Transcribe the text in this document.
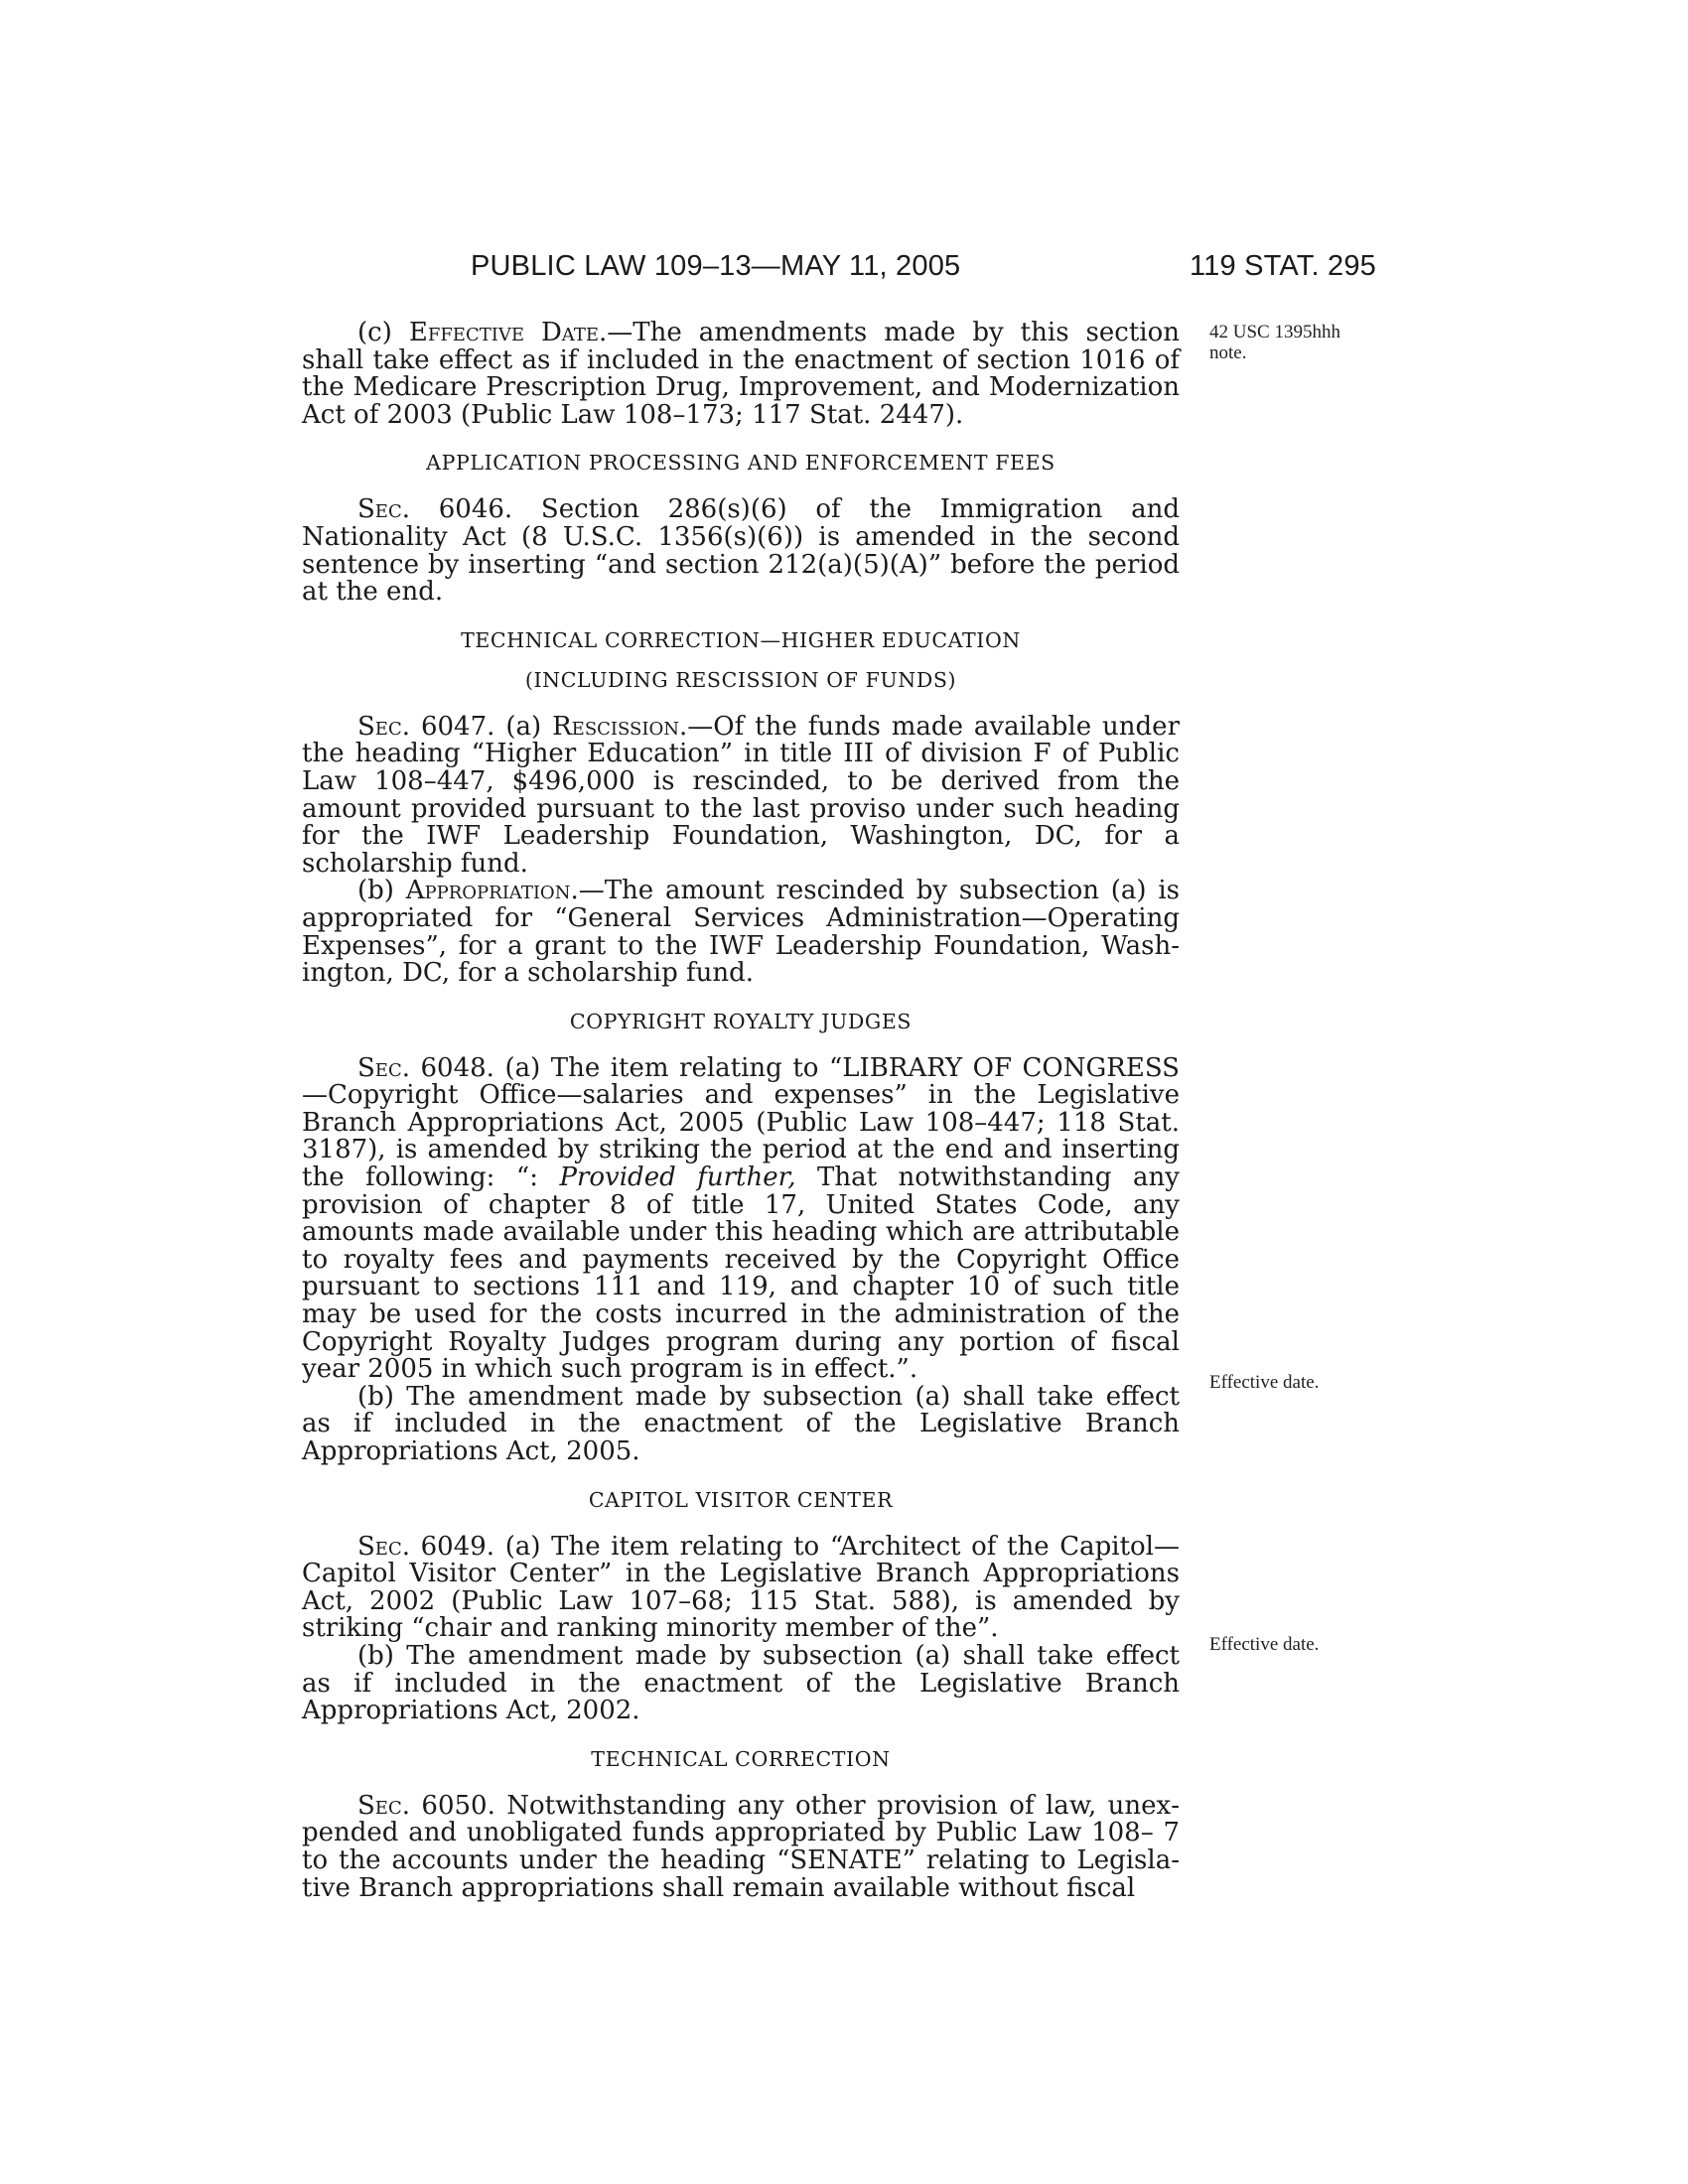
PUBLIC LAW 109–13—MAY 11, 2005	119 STAT. 295
42 USC 1395hhh
note.
Effective date.
Effective date.

(c) Effective Date.—The amendments made by this section shall take effect as if included in the enactment of section 1016 of the Medicare Prescription Drug, Improvement, and Modernization Act of 2003 (Public Law 108–173; 117 Stat. 2447).

APPLICATION PROCESSING AND ENFORCEMENT FEES

Sec. 6046. Section 286(s)(6) of the Immigration and Nationality Act (8 U.S.C. 1356(s)(6)) is amended in the second sentence by inserting “and section 212(a)(5)(A)” before the period at the end.

TECHNICAL CORRECTION—HIGHER EDUCATION

(INCLUDING RESCISSION OF FUNDS)

Sec. 6047. (a) Rescission.—Of the funds made available under the heading “Higher Education” in title III of division F of Public Law 108–447, $496,000 is rescinded, to be derived from the amount provided pursuant to the last proviso under such heading for the IWF Leadership Foundation, Washington, DC, for a scholarship fund.

(b) Appropriation.—The amount rescinded by subsection (a) is appropriated for “General Services Administration—Operating Expenses”, for a grant to the IWF Leadership Foundation, Washington, DC, for a scholarship fund.

COPYRIGHT ROYALTY JUDGES

Sec. 6048. (a) The item relating to “LIBRARY OF CONGRESS—Copyright Office—salaries and expenses” in the Legislative Branch Appropriations Act, 2005 (Public Law 108–447; 118 Stat. 3187), is amended by striking the period at the end and inserting the following: “: Provided further, That notwithstanding any provision of chapter 8 of title 17, United States Code, any amounts made available under this heading which are attributable to royalty fees and payments received by the Copyright Office pursuant to sections 111 and 119, and chapter 10 of such title may be used for the costs incurred in the administration of the Copyright Royalty Judges program during any portion of fiscal year 2005 in which such program is in effect.”.

(b) The amendment made by subsection (a) shall take effect as if included in the enactment of the Legislative Branch Appropriations Act, 2005.

CAPITOL VISITOR CENTER

Sec. 6049. (a) The item relating to “Architect of the Capitol— Capitol Visitor Center” in the Legislative Branch Appropriations Act, 2002 (Public Law 107–68; 115 Stat. 588), is amended by striking “chair and ranking minority member of the”.

(b) The amendment made by subsection (a) shall take effect as if included in the enactment of the Legislative Branch Appropriations Act, 2002.

TECHNICAL CORRECTION

Sec. 6050. Notwithstanding any other provision of law, unexpended and unobligated funds appropriated by Public Law 108– 7 to the accounts under the heading “SENATE” relating to Legislative Branch appropriations shall remain available without fiscal
